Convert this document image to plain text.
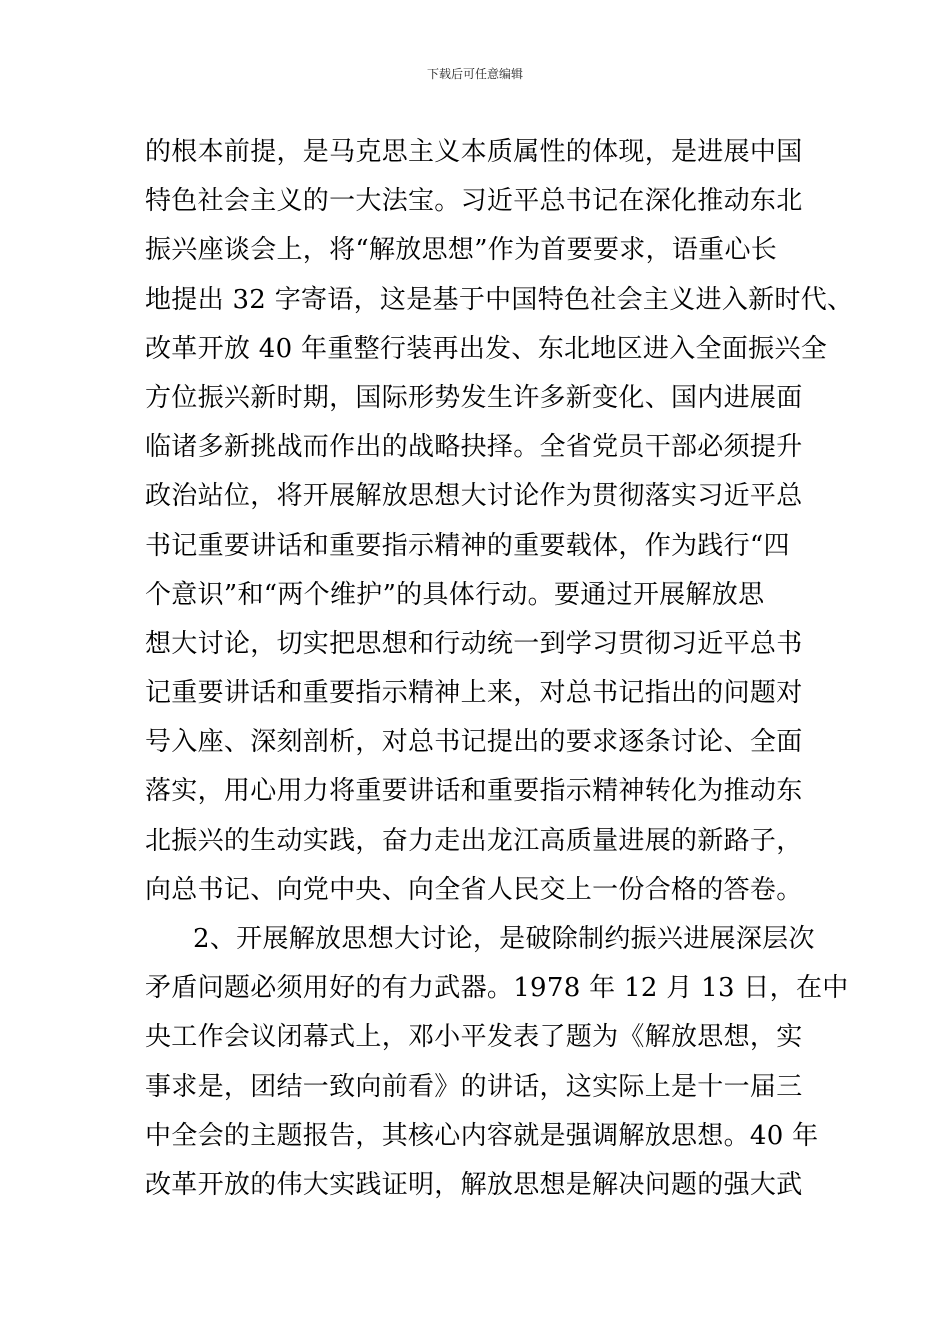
下载后可任意编辑
的根本前提，是马克思主义本质属性的体现，是进展中国
特色社会主义的一大法宝。习近平总书记在深化推动东北
振兴座谈会上，将“解放思想”作为首要要求，语重心长
地提出 32 字寄语，这是基于中国特色社会主义进入新时代、
改革开放 40 年重整行装再出发、东北地区进入全面振兴全
方位振兴新时期，国际形势发生许多新变化、国内进展面
临诸多新挑战而作出的战略抉择。全省党员干部必须提升
政治站位，将开展解放思想大讨论作为贯彻落实习近平总
书记重要讲话和重要指示精神的重要载体，作为践行“四
个意识”和“两个维护”的具体行动。要通过开展解放思
想大讨论，切实把思想和行动统一到学习贯彻习近平总书
记重要讲话和重要指示精神上来，对总书记指出的问题对
号入座、深刻剖析，对总书记提出的要求逐条讨论、全面
落实，用心用力将重要讲话和重要指示精神转化为推动东
北振兴的生动实践，奋力走出龙江高质量进展的新路子，
向总书记、向党中央、向全省人民交上一份合格的答卷。
2、开展解放思想大讨论，是破除制约振兴进展深层次
矛盾问题必须用好的有力武器。1978 年 12 月 13 日，在中
央工作会议闭幕式上，邓小平发表了题为《解放思想，实
事求是，团结一致向前看》的讲话，这实际上是十一届三
中全会的主题报告，其核心内容就是强调解放思想。40 年
改革开放的伟大实践证明，解放思想是解决问题的强大武
